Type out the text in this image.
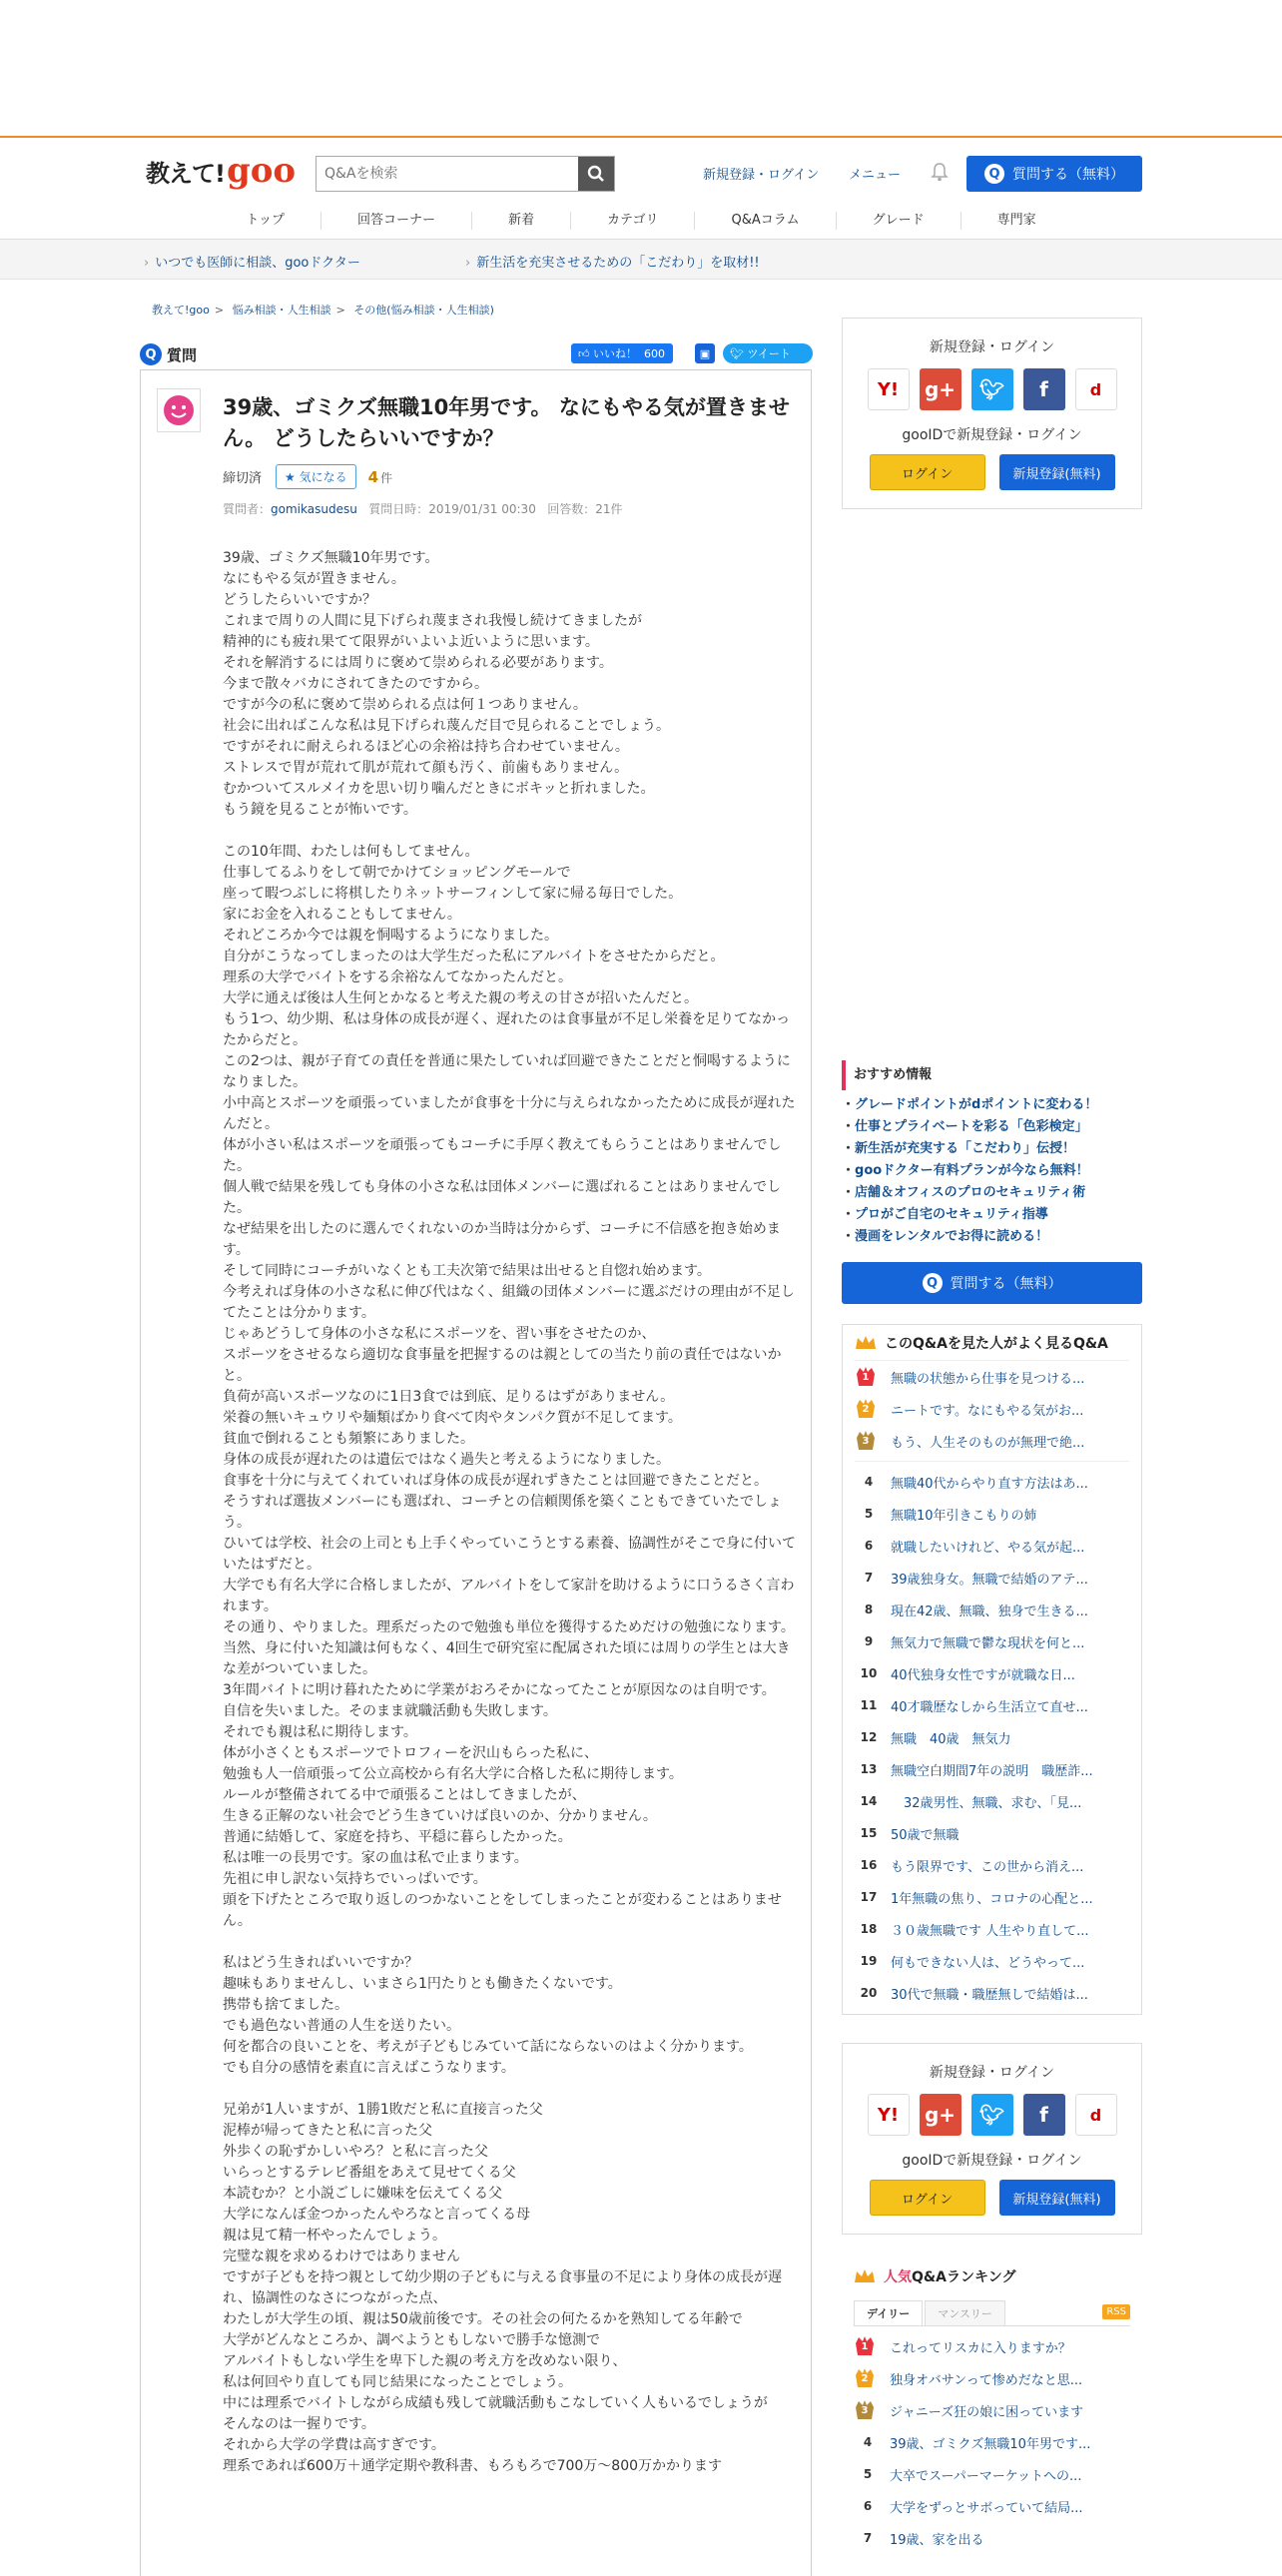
教えて! goo
Q&Aを検索	新規登録・ログイン メニュー	Q 質問する（無料）
トップ	回答コーナー	新着	カテゴリ	Q&Aコラム	グレード	専門家
› いつでも医師に相談、gooドクター
›	新生活を充実させるための「こだわり」を取材!!
教えて!goo > 悩み相談・人生相談 > その他(悩み相談・人生相談)
Q 質問	👍︎
いいね！
600	▣ 🐦︎
ツイート
39歳、ゴミクズ無職10年男です。 なにもやる気が置きません。 どうしたらいいですか？
締切済	★ 気になる	4 件
質問者：gomikasudesu 質問日時：2019/01/31 00:30 回答数：21件
39歳、ゴミクズ無職10年男です。
なにもやる気が置きません。
どうしたらいいですか？
これまで周りの人間に見下げられ蔑まされ我慢し続けてきましたが
精神的にも疲れ果てて限界がいよいよ近いように思います。
それを解消するには周りに褒めて崇められる必要があります。
今まで散々バカにされてきたのですから。
ですが今の私に褒めて崇められる点は何１つありません。
社会に出ればこんな私は見下げられ蔑んだ目で見られることでしょう。
ですがそれに耐えられるほど心の余裕は持ち合わせていません。
ストレスで胃が荒れて肌が荒れて顔も汚く、前歯もありません。
むかついてスルメイカを思い切り噛んだときにボキッと折れました。
もう鏡を見ることが怖いです。

この10年間、わたしは何もしてません。
仕事してるふりをして朝でかけてショッピングモールで
座って暇つぶしに将棋したりネットサーフィンして家に帰る毎日でした。
家にお金を入れることもしてません。
それどころか今では親を恫喝するようになりました。
自分がこうなってしまったのは大学生だった私にアルバイトをさせたからだと。
理系の大学でバイトをする余裕なんてなかったんだと。
大学に通えば後は人生何とかなると考えた親の考えの甘さが招いたんだと。
もう1つ、幼少期、私は身体の成長が遅く、遅れたのは食事量が不足し栄養を足りてなかったからだと。
この2つは、親が子育ての責任を普通に果たしていれば回避できたことだと恫喝するようになりました。
小中高とスポーツを頑張っていましたが食事を十分に与えられなかったために成長が遅れたんだと。
体が小さい私はスポーツを頑張ってもコーチに手厚く教えてもらうことはありませんでした。
個人戦で結果を残しても身体の小さな私は団体メンバーに選ばれることはありませんでした。
なぜ結果を出したのに選んでくれないのか当時は分からず、コーチに不信感を抱き始めます。
そして同時にコーチがいなくとも工夫次第で結果は出せると自惚れ始めます。
今考えれば身体の小さな私に伸び代はなく、組織の団体メンバーに選ぶだけの理由が不足してたことは分かります。
じゃあどうして身体の小さな私にスポーツを、習い事をさせたのか、
スポーツをさせるなら適切な食事量を把握するのは親としての当たり前の責任ではないかと。
負荷が高いスポーツなのに1日3食では到底、足りるはずがありません。
栄養の無いキュウリや麺類ばかり食べて肉やタンパク質が不足してます。
貧血で倒れることも頻繁にありました。
身体の成長が遅れたのは遺伝ではなく過失と考えるようになりました。
食事を十分に与えてくれていれば身体の成長が遅れずきたことは回避できたことだと。
そうすれば選抜メンバーにも選ばれ、コーチとの信頼関係を築くこともできていたでしょう。
ひいては学校、社会の上司とも上手くやっていこうとする素養、協調性がそこで身に付いていたはずだと。
大学でも有名大学に合格しましたが、アルバイトをして家計を助けるように口うるさく言われます。
その通り、やりました。理系だったので勉強も単位を獲得するためだけの勉強になります。
当然、身に付いた知識は何もなく、4回生で研究室に配属された頃には周りの学生とは大きな差がついていました。
3年間バイトに明け暮れたために学業がおろそかになってたことが原因なのは自明です。
自信を失いました。そのまま就職活動も失敗します。
それでも親は私に期待します。
体が小さくともスポーツでトロフィーを沢山もらった私に、
勉強も人一倍頑張って公立高校から有名大学に合格した私に期待します。
ルールが整備されてる中で頑張ることはしてきましたが、
生きる正解のない社会でどう生きていけば良いのか、分かりません。
普通に結婚して、家庭を持ち、平穏に暮らしたかった。
私は唯一の長男です。家の血は私で止まります。
先祖に申し訳ない気持ちでいっぱいです。
頭を下げたところで取り返しのつかないことをしてしまったことが変わることはありません。

私はどう生きればいいですか？
趣味もありませんし、いまさら1円たりとも働きたくないです。
携帯も捨てました。
でも過色ない普通の人生を送りたい。
何を都合の良いことを、考えが子どもじみていて話にならないのはよく分かります。
でも自分の感情を素直に言えばこうなります。

兄弟が1人いますが、1勝1敗だと私に直接言った父
泥棒が帰ってきたと私に言った父
外歩くの恥ずかしいやろ？と私に言った父
いらっとするテレビ番組をあえて見せてくる父
本読むか？と小説ごしに嫌味を伝えてくる父
大学になんぼ金つかったんやろなと言ってくる母
親は見て精一杯やったんでしょう。
完璧な親を求めるわけではありません
ですが子どもを持つ親として幼少期の子どもに与える食事量の不足により身体の成長が遅れ、協調性のなさにつながった点、
わたしが大学生の頃、親は50歳前後です。その社会の何たるかを熟知してる年齢で
大学がどんなところか、調べようともしないで勝手な憶測で
アルバイトもしない学生を卑下した親の考え方を改めない限り、
私は何回やり直しても同じ結果になったことでしょう。
中には理系でバイトしながら成績も残して就職活動もこなしていく人もいるでしょうが
そんなのは一握りです。
それから大学の学費は高すぎです。
理系であれば600万＋通学定期や教科書、もろもろで700万～800万かかります
新規登録・ログイン
Y!	g+	🐦︎	f	d
gooIDで新規登録・ログイン
ログイン	新規登録(無料)
おすすめ情報
・ グレードポイントがdポイントに変わる！
・ 仕事とプライベートを彩る「色彩検定」
・ 新生活が充実する「こだわり」伝授！
・ gooドクター有料プランが今なら無料！
・ 店舗＆オフィスのプロのセキュリティ術
・ プロがご自宅のセキュリティ指導
・ 漫画をレンタルでお得に読める！
Q 質問する（無料）
このQ&Aを見た人がよく見るQ&A
1	無職の状態から仕事を見つける...
2	ニートです。なにもやる気がお...
3	もう、人生そのものが無理で絶...
4	無職40代からやり直す方法はあ...
5	無職10年引きこもりの姉
6	就職したいけれど、やる気が起...
7	39歳独身女。無職で結婚のアテ...
8	現在42歳、無職、独身で生きる...
9	無気力で無職で鬱な現状を何と...
10	40代独身女性ですが就職な日...
11	40才職歴なしから生活立て直せ...
12	無職　40歳　無気力
13	無職空白期間7年の説明　職歴詐...
14	　32歳男性、無職、求む、「見...
15	50歳で無職
16	もう限界です、この世から消え...
17	1年無職の焦り、コロナの心配と...
18	３０歳無職です 人生やり直して...
19	何もできない人は、どうやって...
20	30代で無職・職歴無しで結婚は...
新規登録・ログイン
Y!	g+	🐦︎	f	d
gooIDで新規登録・ログイン
ログイン	新規登録(無料)
人気 Q&Aランキング
デイリー	マンスリー	RSS
1	これってリスカに入りますか？
2	独身オバサンって惨めだなと思...
3	ジャニーズ狂の娘に困っています
4	39歳、ゴミクズ無職10年男です...
5	大卒でスーパーマーケットへの...
6	大学をずっとサボっていて結局...
7	19歳、家を出る
